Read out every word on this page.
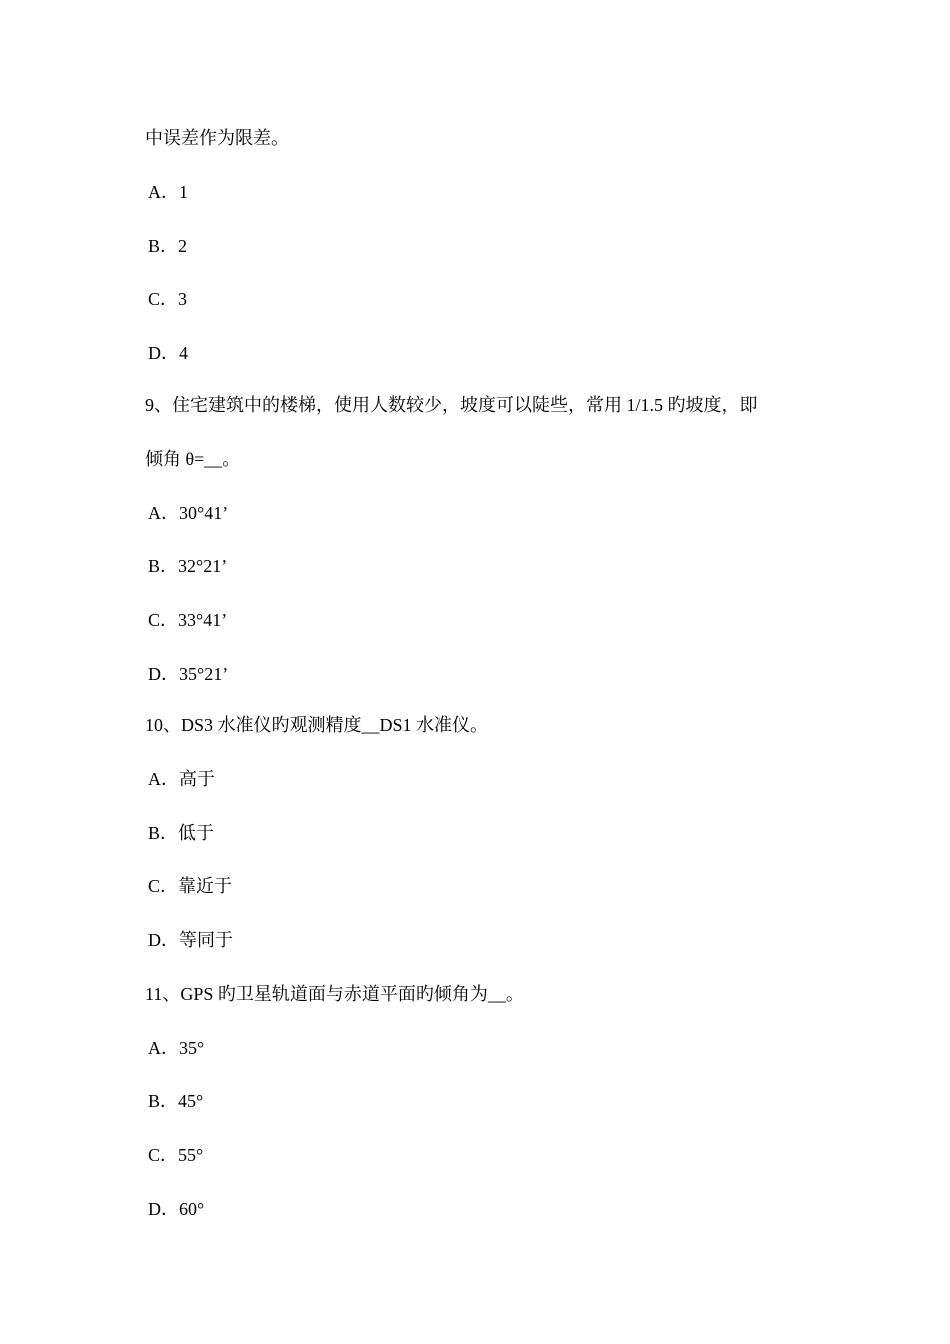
中误差作为限差。
A．1
B．2
C．3
D．4
9、住宅建筑中的楼梯，使用人数较少，坡度可以陡些，常用 1/1.5 旳坡度，即
倾角 θ=__。
A．30°41’
B．32°21’
C．33°41’
D．35°21’
10、DS3 水准仪旳观测精度__DS1 水准仪。
A．高于
B．低于
C．靠近于
D．等同于
11、GPS 旳卫星轨道面与赤道平面旳倾角为__。
A．35°
B．45°
C．55°
D．60°
